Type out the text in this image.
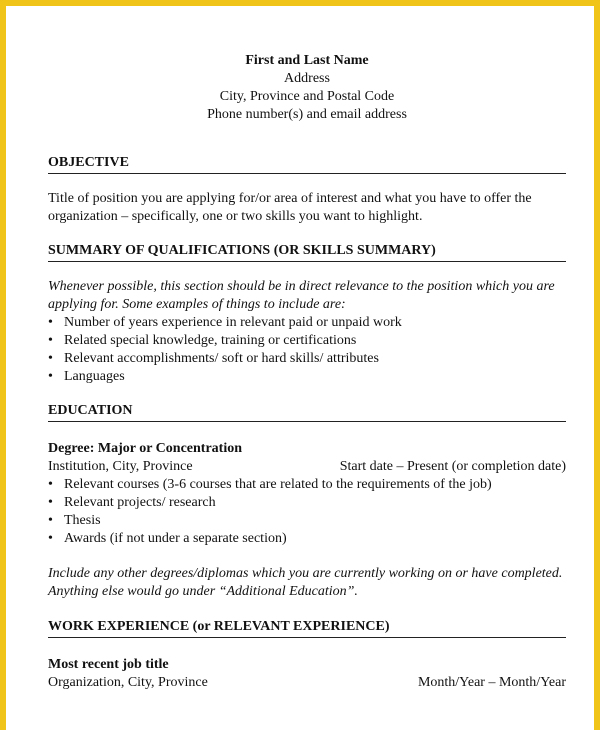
First and Last Name
Address
City, Province and Postal Code
Phone number(s) and email address
OBJECTIVE

Title of position you are applying for/or area of interest and what you have to offer the

organization – specifically, one or two skills you want to highlight.

SUMMARY OF QUALIFICATIONS (OR SKILLS SUMMARY)

Whenever possible, this section should be in direct relevance to the position which you are

applying for. Some examples of things to include are:

• Number of years experience in relevant paid or unpaid work
• Related special knowledge, training or certifications
• Relevant accomplishments/ soft or hard skills/ attributes
• Languages
EDUCATION
Degree: Major or Concentration
Institution, City, Province	Start date – Present (or completion date)
• Relevant courses (3-6 courses that are related to the requirements of the job)
• Relevant projects/ research
• Thesis
• Awards (if not under a separate section)

Include any other degrees/diplomas which you are currently working on or have completed.

Anything else would go under “Additional Education”.

WORK EXPERIENCE (or RELEVANT EXPERIENCE)
Most recent job title
Organization, City, Province	Month/Year – Month/Year
